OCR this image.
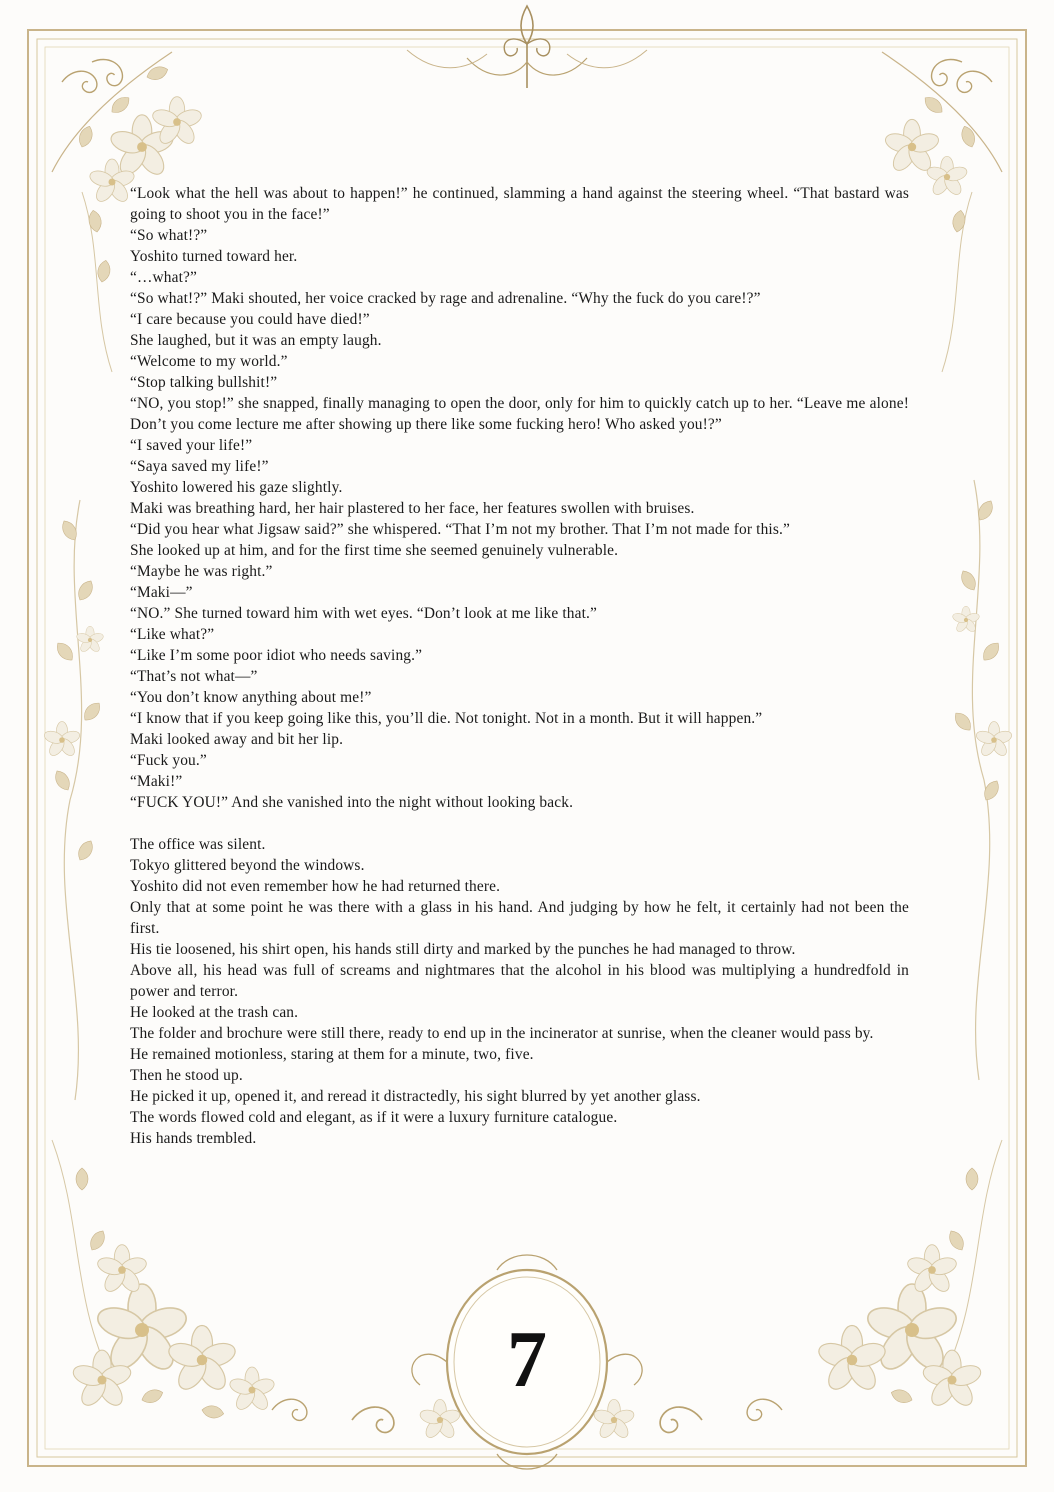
“Look what the hell was about to happen!” he continued, slamming a hand against the steering wheel. “That bastard was going to shoot you in the face!”

“So what!?”

Yoshito turned toward her.

“…what?”

“So what!?” Maki shouted, her voice cracked by rage and adrenaline. “Why the fuck do you care!?”

“I care because you could have died!”

She laughed, but it was an empty laugh.

“Welcome to my world.”

“Stop talking bullshit!”

“NO, you stop!” she snapped, finally managing to open the door, only for him to quickly catch up to her. “Leave me alone! Don’t you come lecture me after showing up there like some fucking hero! Who asked you!?”

“I saved your life!”

“Saya saved my life!”

Yoshito lowered his gaze slightly.

Maki was breathing hard, her hair plastered to her face, her features swollen with bruises.

“Did you hear what Jigsaw said?” she whispered. “That I’m not my brother. That I’m not made for this.”

She looked up at him, and for the first time she seemed genuinely vulnerable.

“Maybe he was right.”

“Maki—”

“NO.” She turned toward him with wet eyes. “Don’t look at me like that.”

“Like what?”

“Like I’m some poor idiot who needs saving.”

“That’s not what—”

“You don’t know anything about me!”

“I know that if you keep going like this, you’ll die. Not tonight. Not in a month. But it will happen.”

Maki looked away and bit her lip.

“Fuck you.”

“Maki!”

“FUCK YOU!” And she vanished into the night without looking back.

The office was silent.

Tokyo glittered beyond the windows.

Yoshito did not even remember how he had returned there.

Only that at some point he was there with a glass in his hand. And judging by how he felt, it certainly had not been the first.

His tie loosened, his shirt open, his hands still dirty and marked by the punches he had managed to throw.

Above all, his head was full of screams and nightmares that the alcohol in his blood was multiplying a hundredfold in power and terror.

He looked at the trash can.

The folder and brochure were still there, ready to end up in the incinerator at sunrise, when the cleaner would pass by.

He remained motionless, staring at them for a minute, two, five.

Then he stood up.

He picked it up, opened it, and reread it distractedly, his sight blurred by yet another glass.

The words flowed cold and elegant, as if it were a luxury furniture catalogue.

His hands trembled.

7
